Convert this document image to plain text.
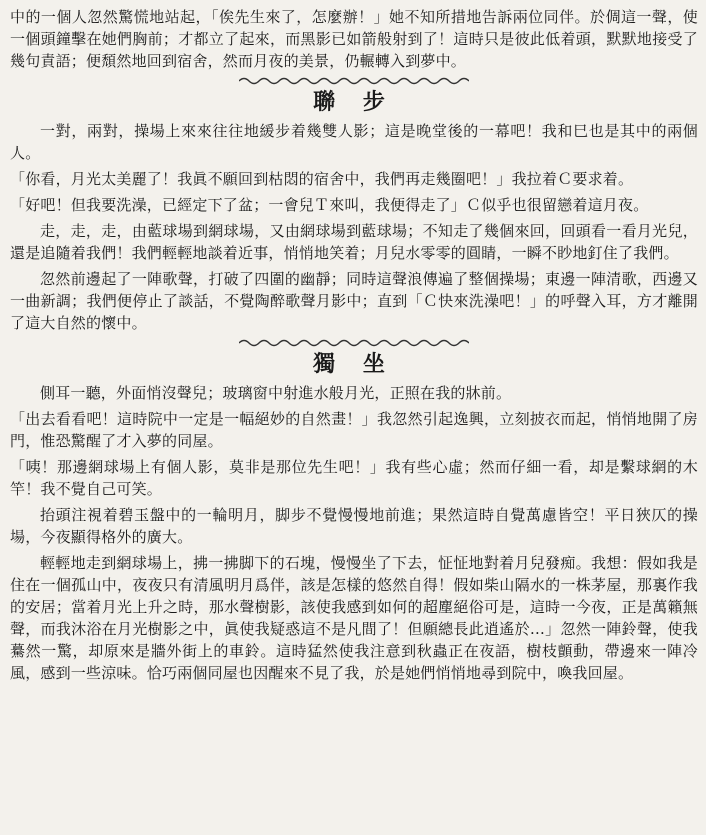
中的一個人忽然驚慌地站起，「俟先生來了，怎麼辦！」她不知所措地告訴兩位同伴。於倜這一聲，使一個頭鐘擊在她們胸前；才都立了起來，而黑影已如箭般射到了！這時只是彼此低着頭，默默地接受了幾句責語；便頹然地回到宿舍，然而月夜的美景，仍輾轉入到夢中。

聯 步

一對，兩對，操場上來來往往地緩步着幾雙人影；這是晚堂後的一幕吧！我和巳也是其中的兩個人。

「你看，月光太美麗了！我眞不願回到枯悶的宿舍中，我們再走幾圈吧！」我拉着Ｃ要求着。

「好吧！但我要洗澡，已經定下了盆；一會兒Ｔ來叫，我便得走了」Ｃ似乎也很留戀着這月夜。

走，走，走，由藍球場到網球場，又由網球場到藍球場；不知走了幾個來回，回頭看一看月光兒，還是追隨着我們！我們輕輕地談着近事，悄悄地笑着；月兒水零零的圓睛，一瞬不眇地釘住了我們。

忽然前邊起了一陣歌聲，打破了四圍的幽靜；同時這聲浪傳遍了整個操場；東邊一陣清歌，西邊又一曲新調；我們便停止了談話，不覺陶醉歌聲月影中；直到「Ｃ快來洗澡吧！」的呼聲入耳，方才離開了這大自然的懷中。

獨 坐

側耳一聽，外面悄沒聲兒；玻璃窗中射進水般月光，正照在我的牀前。

「出去看看吧！這時院中一定是一幅絕妙的自然畫！」我忽然引起逸興，立刻披衣而起，悄悄地開了房門，惟恐驚醒了才入夢的同屋。

「咦！那邊網球場上有個人影，莫非是那位先生吧！」我有些心虛；然而仔細一看，却是繫球網的木竿！我不覺自己可笑。

抬頭注視着碧玉盤中的一輪明月，脚步不覺慢慢地前進；果然這時自覺萬慮皆空！平日狹仄的操場，今夜顯得格外的廣大。

輕輕地走到網球場上，拂一拂脚下的石塊，慢慢坐了下去，怔怔地對着月兒發痴。我想：假如我是住在一個孤山中，夜夜只有清風明月爲伴，該是怎樣的悠然自得！假如柴山隔水的一株茅屋，那裏作我的安居；當着月光上升之時，那水聲樹影，該使我感到如何的超塵絕俗可是，這時一今夜，正是萬籟無聲，而我沐浴在月光樹影之中，眞使我疑惑這不是凡間了！但願總長此逍遙於…」忽然一陣鈴聲，使我驀然一驚，却原來是牆外街上的車鈴。這時猛然使我注意到秋蟲正在夜語，樹枝顫動，帶邊來一陣冷風，感到一些涼味。恰巧兩個同屋也因醒來不見了我，於是她們悄悄地尋到院中，喚我回屋。
